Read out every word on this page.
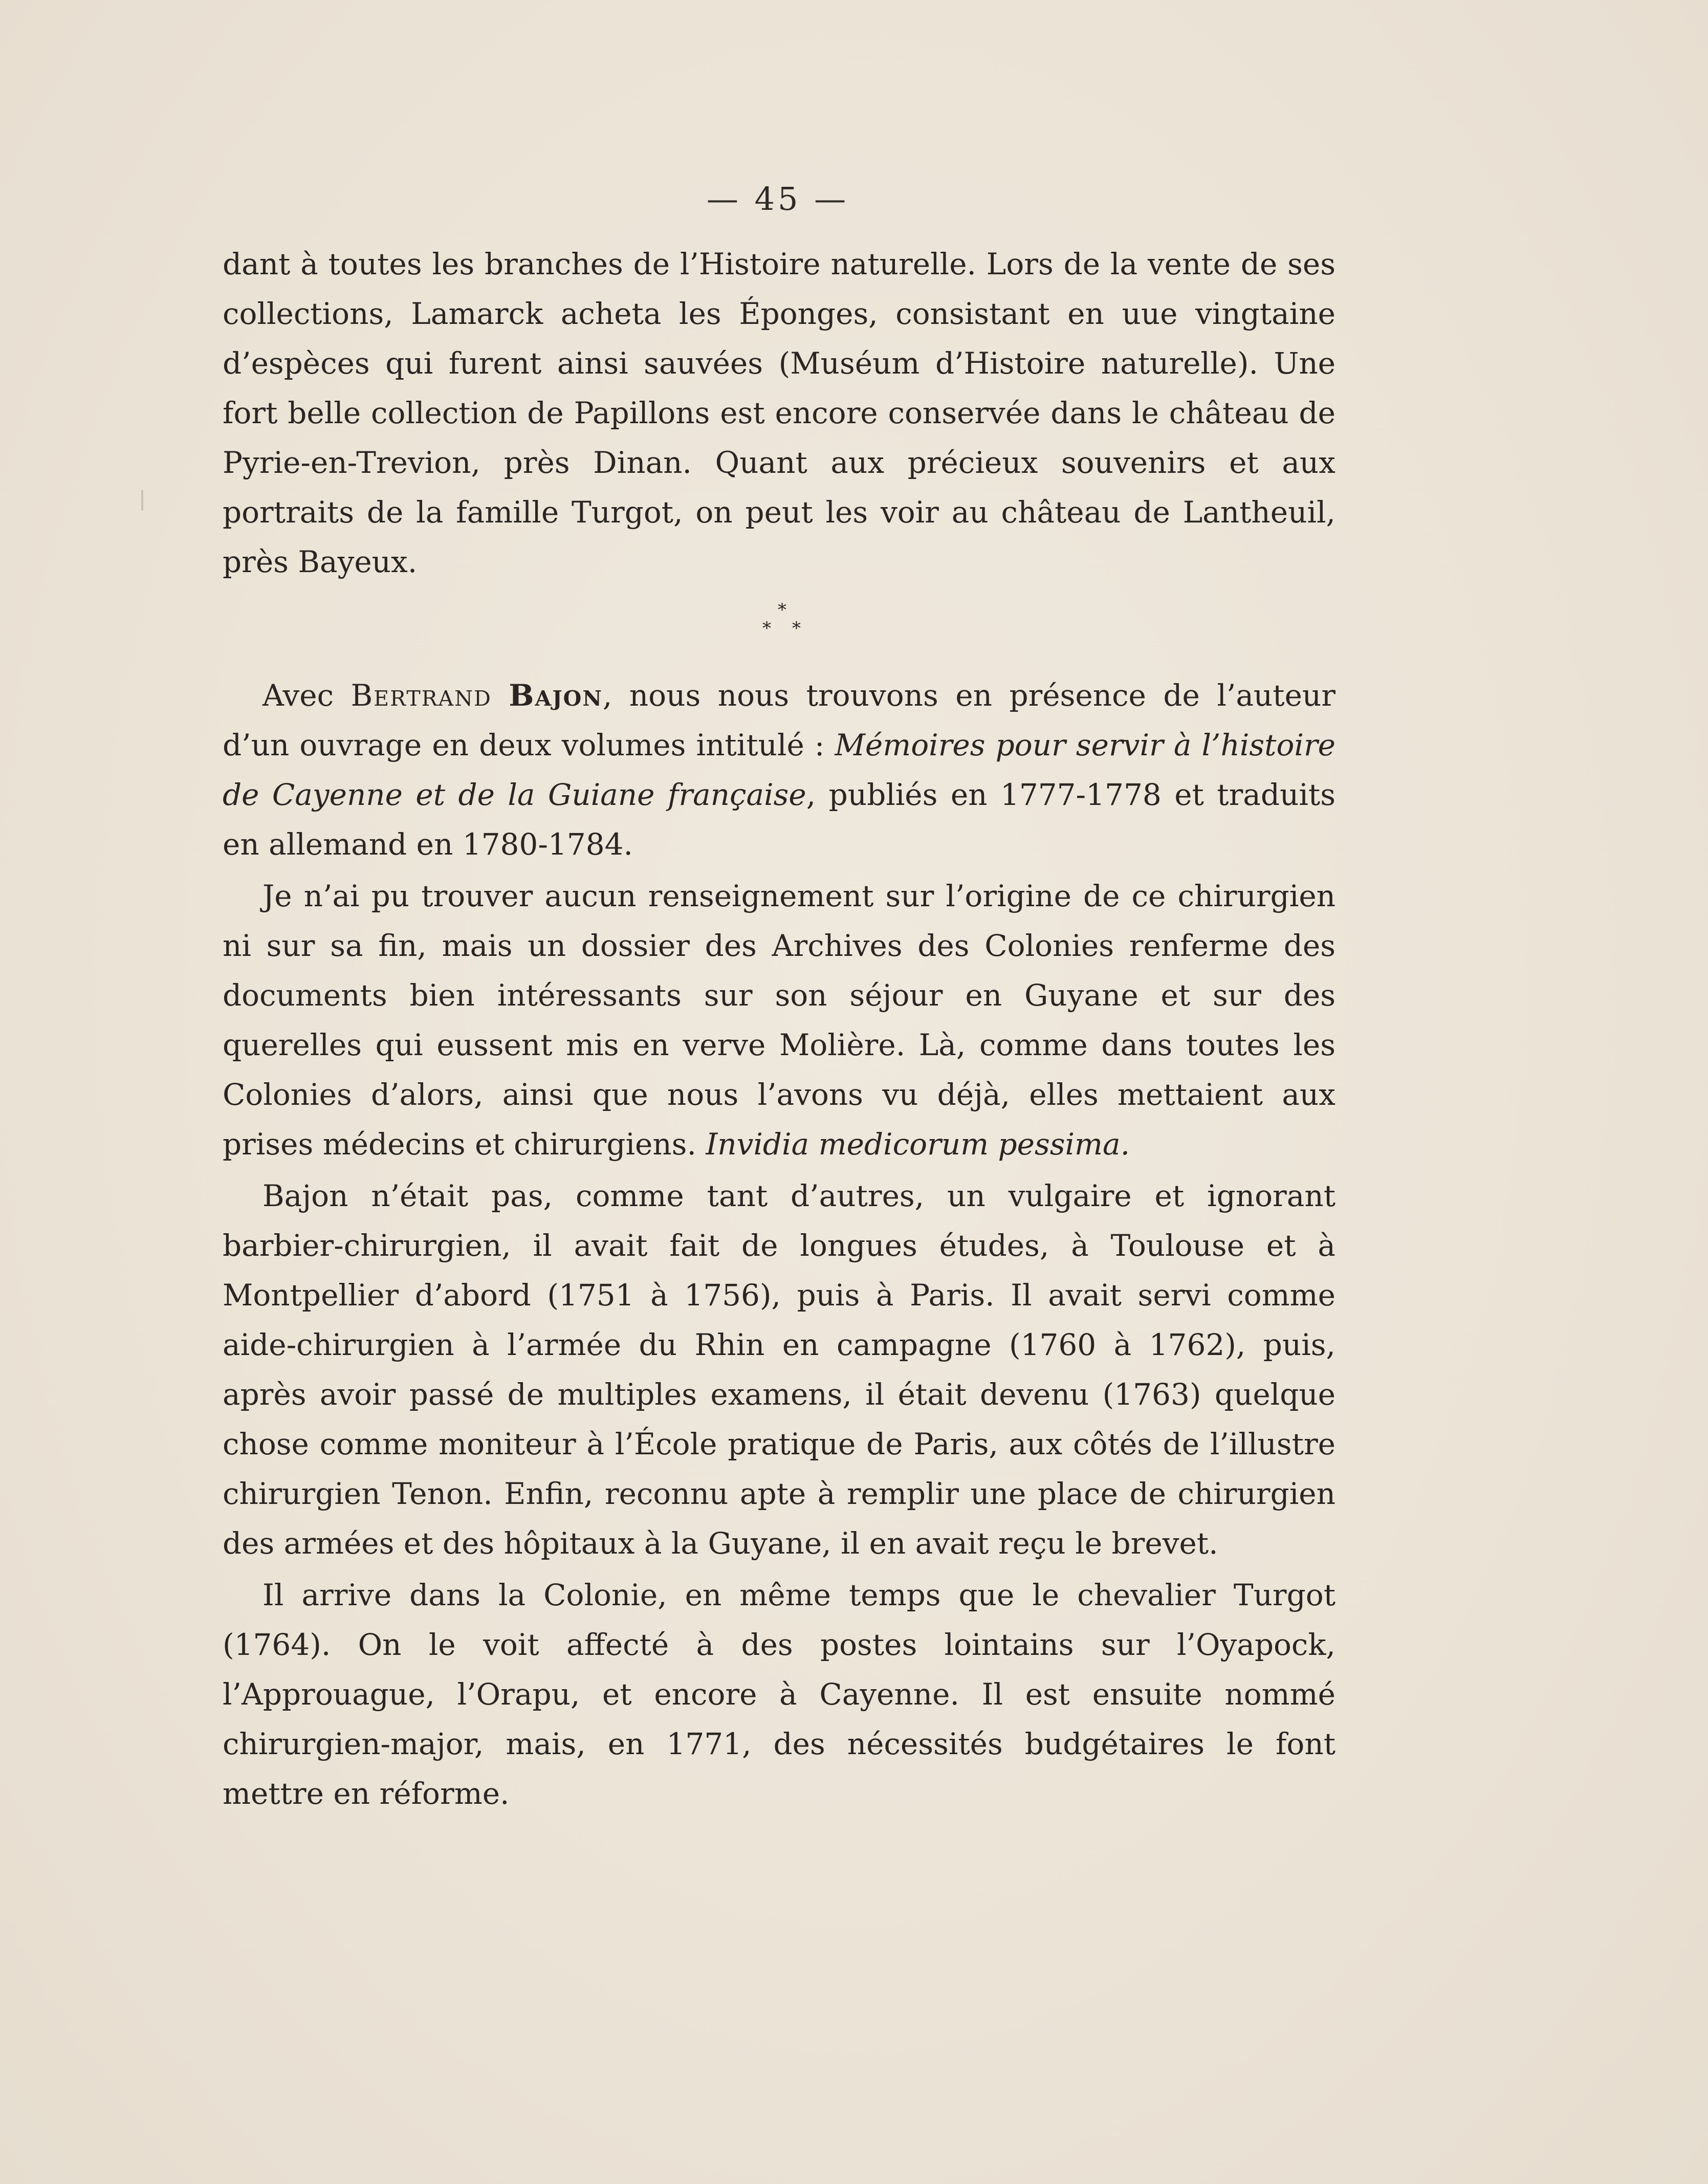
— 45 —

dant à toutes les branches de l’Histoire naturelle. Lors de la vente de ses collections, Lamarck acheta les Éponges, consistant en uue vingtaine d’espèces qui furent ainsi sauvées (Muséum d’Histoire naturelle). Une fort belle collection de Papillons est encore conservée dans le château de Pyrie-en-Trevion, près Dinan. Quant aux précieux souvenirs et aux portraits de la famille Turgot, on peut les voir au château de Lantheuil, près Bayeux.

*
* *

Avec Bertrand Bajon, nous nous trouvons en présence de l’auteur d’un ouvrage en deux volumes intitulé : Mémoires pour servir à l’histoire de Cayenne et de la Guiane française, publiés en 1777-1778 et traduits en allemand en 1780-1784.

Je n’ai pu trouver aucun renseignement sur l’origine de ce chirurgien ni sur sa fin, mais un dossier des Archives des Colonies renferme des documents bien intéressants sur son séjour en Guyane et sur des querelles qui eussent mis en verve Molière. Là, comme dans toutes les Colonies d’alors, ainsi que nous l’avons vu déjà, elles mettaient aux prises médecins et chirurgiens. Invidia medicorum pessima.

Bajon n’était pas, comme tant d’autres, un vulgaire et ignorant barbier-chirurgien, il avait fait de longues études, à Toulouse et à Montpellier d’abord (1751 à 1756), puis à Paris. Il avait servi comme aide-chirurgien à l’armée du Rhin en campagne (1760 à 1762), puis, après avoir passé de multiples examens, il était devenu (1763) quelque chose comme moniteur à l’École pratique de Paris, aux côtés de l’illustre chirurgien Tenon. Enfin, reconnu apte à remplir une place de chirurgien des armées et des hôpitaux à la Guyane, il en avait reçu le brevet.

Il arrive dans la Colonie, en même temps que le chevalier Turgot (1764). On le voit affecté à des postes lointains sur l’Oyapock, l’Approuague, l’Orapu, et encore à Cayenne. Il est ensuite nommé chirurgien-major, mais, en 1771, des nécessités budgétaires le font mettre en réforme.
